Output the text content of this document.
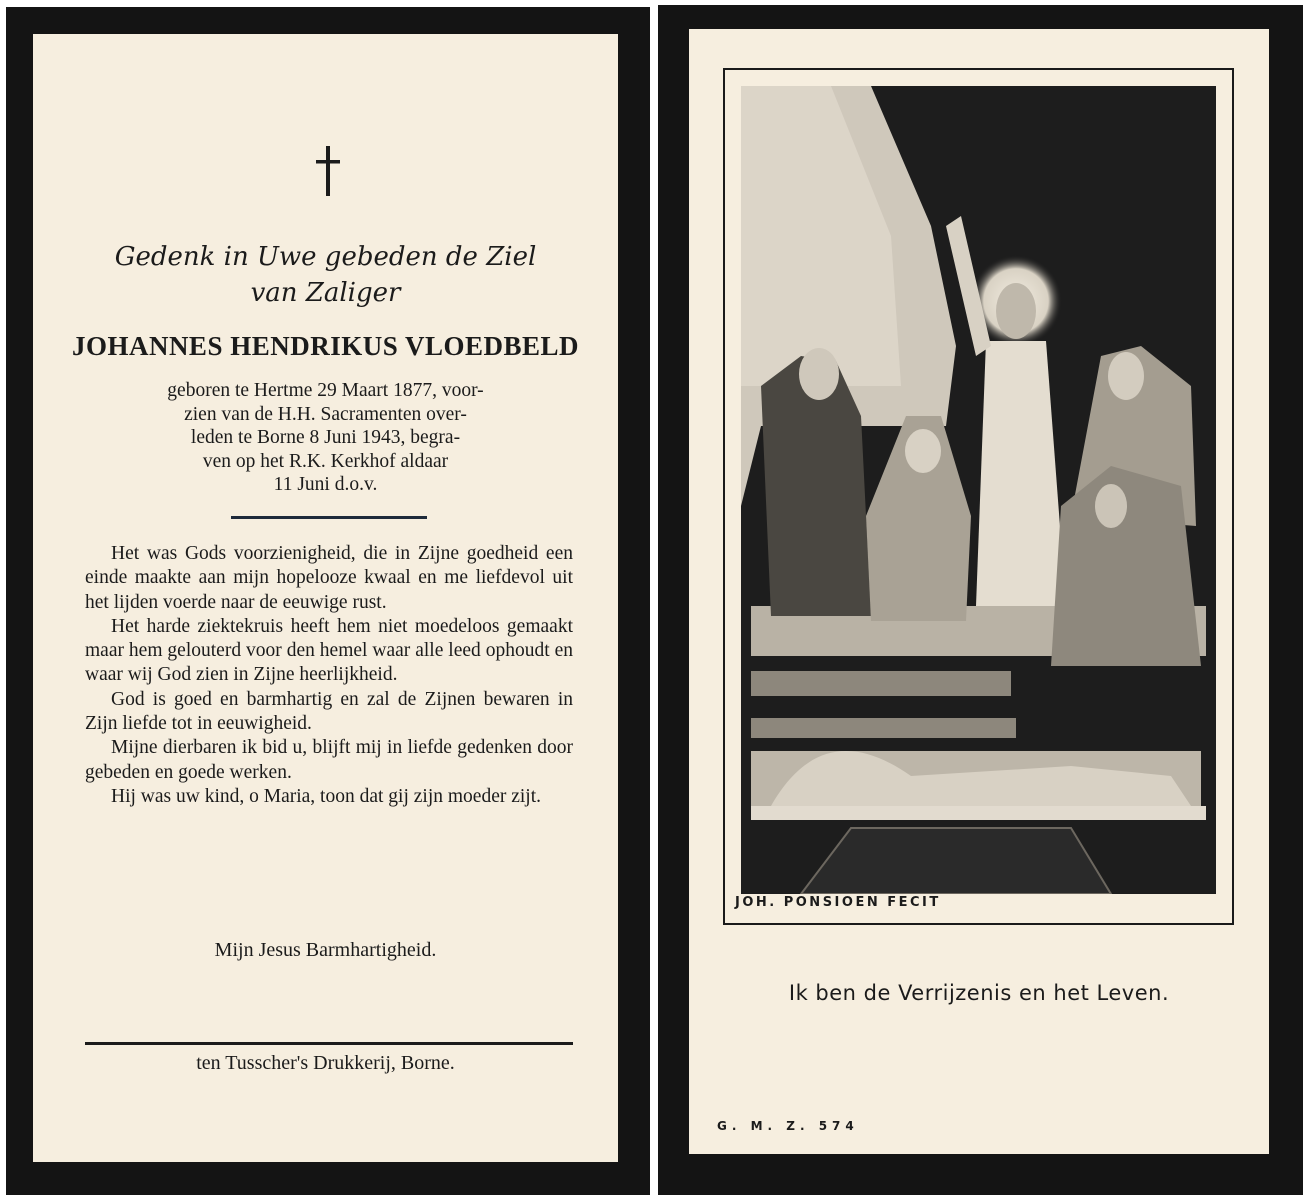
Gedenk in Uwe gebeden de Ziel
van Zaliger
JOHANNES HENDRIKUS VLOEDBELD
geboren te Hertme 29 Maart 1877, voor-
zien van de H.H. Sacramenten over-
leden te Borne 8 Juni 1943, begra-
ven op het R.K. Kerkhof aldaar
11 Juni d.o.v.

Het was Gods voorzienigheid, die in Zijne goedheid een einde maakte aan mijn hopelooze kwaal en me liefdevol uit het lijden voerde naar de eeuwige rust.

Het harde ziektekruis heeft hem niet moedeloos gemaakt maar hem gelouterd voor den hemel waar alle leed ophoudt en waar wij God zien in Zijne heerlijkheid.

God is goed en barmhartig en zal de Zijnen bewaren in Zijn liefde tot in eeuwigheid.

Mijne dierbaren ik bid u, blijft mij in liefde gedenken door gebeden en goede werken.

Hij was uw kind, o Maria, toon dat gij zijn moeder zijt.

Mijn Jesus Barmhartigheid.
ten Tusscher's Drukkerij, Borne.
JOH. PONSIOEN FECIT
Ik ben de Verrijzenis en het Leven.
G. M. Z. 574
